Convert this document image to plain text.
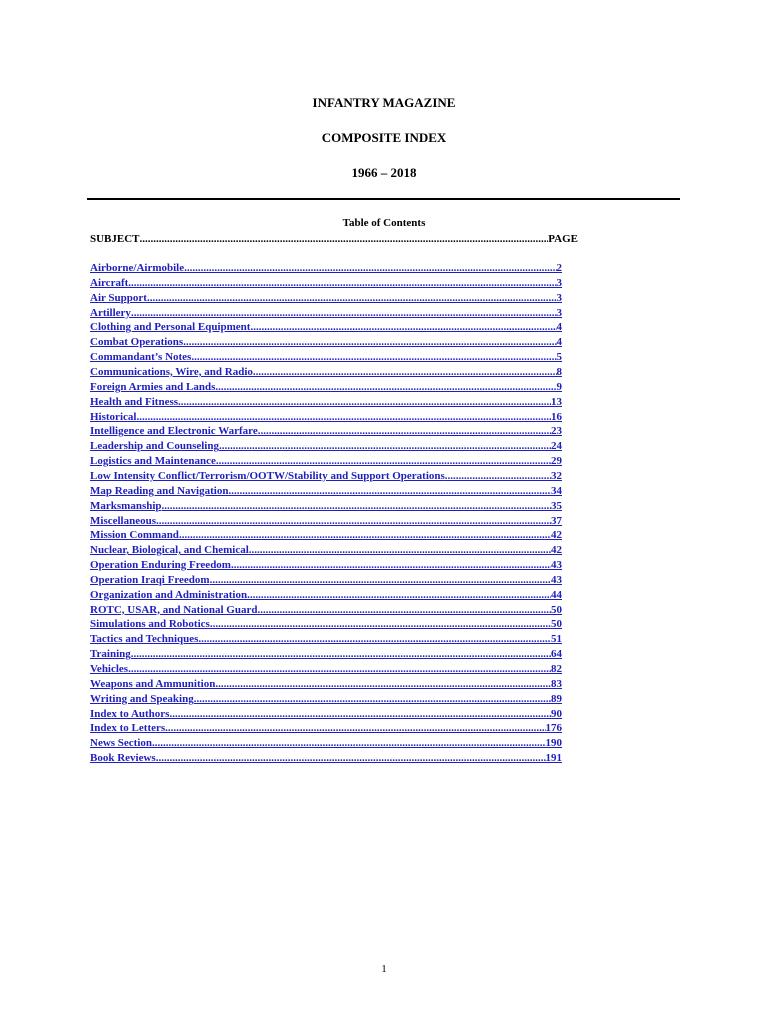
INFANTRY MAGAZINE
COMPOSITE INDEX
1966 – 2018
Table of Contents
SUBJECT .....	PAGE
Airborne/Airmobile .....	2
Aircraft .....	3
Air Support .....	3
Artillery .....	3
Clothing and Personal Equipment .....	4
Combat Operations .....	4
Commandant’s Notes .....	5
Communications, Wire, and Radio .....	8
Foreign Armies and Lands .....	9
Health and Fitness .....	13
Historical .....	16
Intelligence and Electronic Warfare .....	23
Leadership and Counseling .....	24
Logistics and Maintenance .....	29
Low Intensity Conflict/Terrorism/OOTW/Stability and Support Operations .....	32
Map Reading and Navigation .....	34
Marksmanship .....	35
Miscellaneous .....	37
Mission Command .....	42
Nuclear, Biological, and Chemical .....	42
Operation Enduring Freedom .....	43
Operation Iraqi Freedom .....	43
Organization and Administration .....	44
ROTC, USAR, and National Guard .....	50
Simulations and Robotics .....	50
Tactics and Techniques .....	51
Training .....	64
Vehicles .....	82
Weapons and Ammunition .....	83
Writing and Speaking .....	89
Index to Authors .....	90
Index to Letters .....	176
News Section .....	190
Book Reviews .....	191
1
